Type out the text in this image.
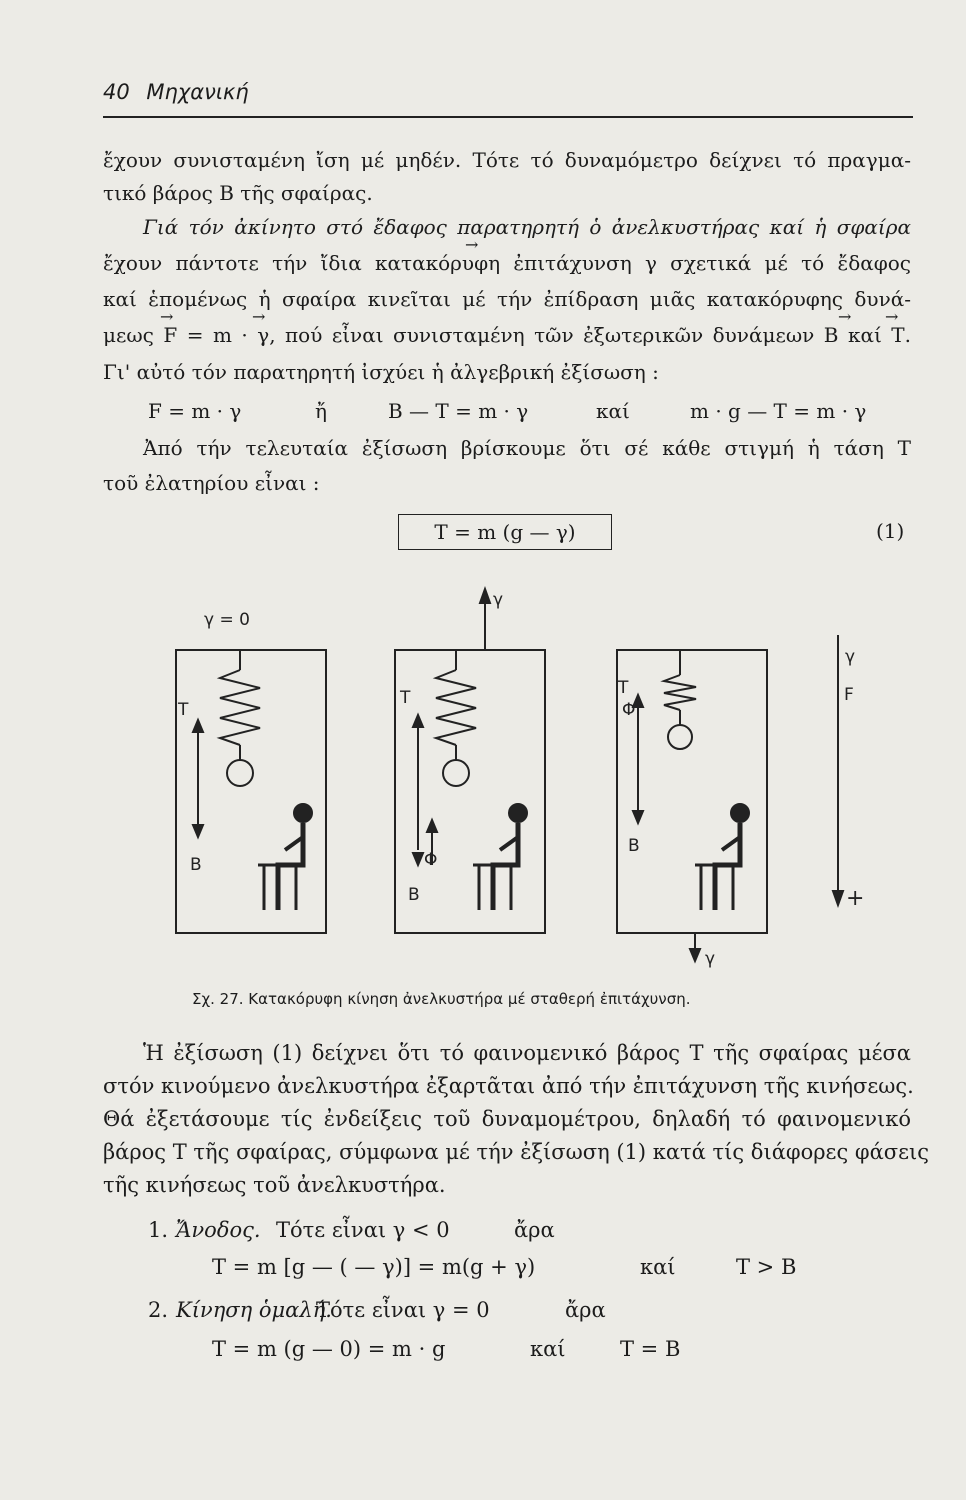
40 Μηχανική
ἔχουν συνισταμένη ἴση μέ μηδέν. Τότε τό δυναμόμετρο δείχνει τό πραγμα-
τικό βάρος Β τῆς σφαίρας.
Γιά τόν ἀκίνητο στό ἔδαφος παρατηρητή ὁ ἀνελκυστήρας καί ἡ σφαίρα
ἔχουν πάντοτε τήν ἴδια κατακόρυφη ἐπιτάχυνση γ σχετικά μέ τό ἔδαφος
καί ἑπομένως ἡ σφαίρα κινεῖται μέ τήν ἐπίδραση μιᾶς κατακόρυφης δυνά-
μεως F = m · γ, πού εἶναι συνισταμένη τῶν ἐξωτερικῶν δυνάμεων Β καί Τ.
Γι' αὐτό τόν παρατηρητή ἰσχύει ἡ ἀλγεβρική ἐξίσωση :
→
→	→	→ →
F = m · γ	ἤ	B — T = m · γ	καί	m · g — T = m · γ
Ἀπό τήν τελευταία ἐξίσωση βρίσκουμε ὅτι σέ κάθε στιγμή ἡ τάση Τ
τοῦ ἐλατηρίου εἶναι :
T = m (g — γ)	(1)
γ = 0
T
B
γ
T
B
Φ
T
Φ
B
γ
γ
F
+
Σχ. 27. Κατακόρυφη κίνηση ἀνελκυστήρα μέ σταθερή ἐπιτάχυνση.
Ἡ ἐξίσωση (1) δείχνει ὅτι τό φαινομενικό βάρος Τ τῆς σφαίρας μέσα
στόν κινούμενο ἀνελκυστήρα ἐξαρτᾶται ἀπό τήν ἐπιτάχυνση τῆς κινήσεως.
Θά ἐξετάσουμε τίς ἐνδείξεις τοῦ δυναμομέτρου, δηλαδή τό φαινομενικό
βάρος Τ τῆς σφαίρας, σύμφωνα μέ τήν ἐξίσωση (1) κατά τίς διάφορες φάσεις
τῆς κινήσεως τοῦ ἀνελκυστήρα.
1. Ἄνοδος. Τότε εἶναι γ < 0	ἄρα
T = m [g — ( — γ)] = m(g + γ)	καί	T > B
2. Κίνηση ὁμαλή.
Τότε εἶναι γ = 0	ἄρα
T = m (g — 0) = m · g	καί	T = B
